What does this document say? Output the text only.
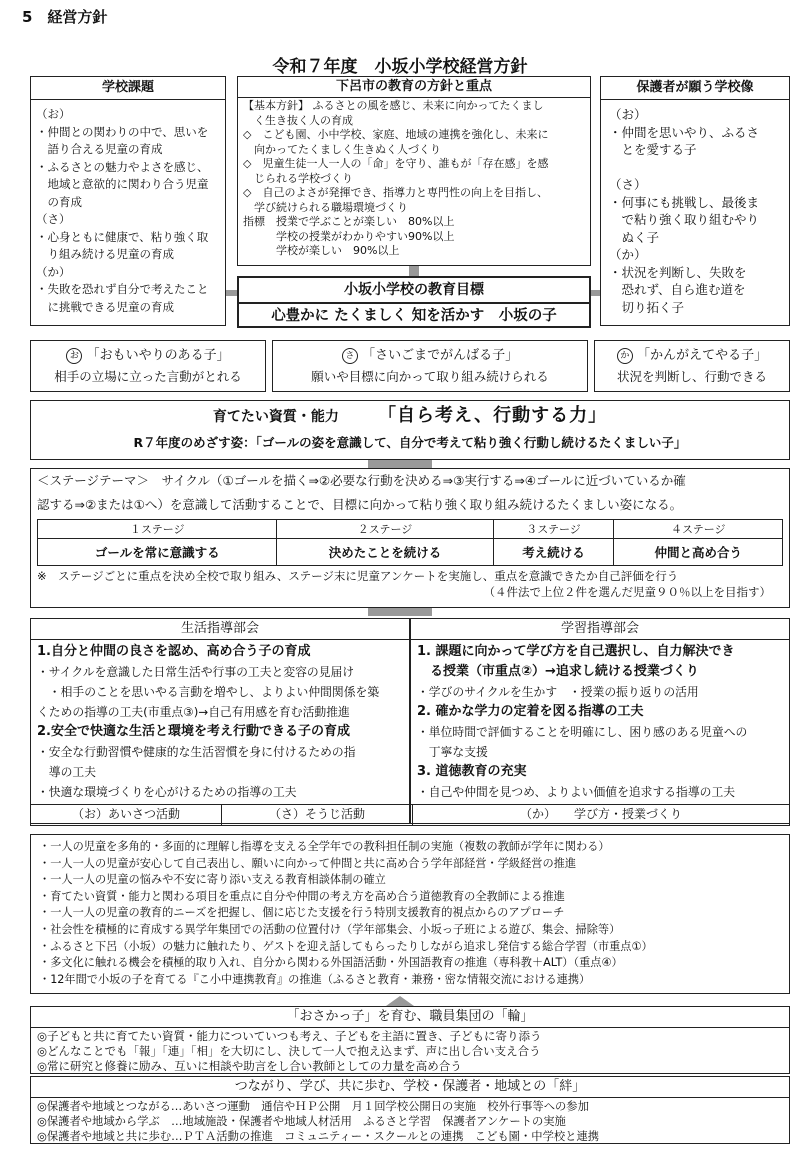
5　経営方針
令和７年度　小坂小学校経営方針
学校課題
（お）
・仲間との関わりの中で、思いを
　語り合える児童の育成
・ふるさとの魅力やよさを感じ、
　地域と意欲的に関わり合う児童
　の育成
（さ）
・心身ともに健康で、粘り強く取
　り組み続ける児童の育成
（か）
・失敗を恐れず自分で考えたこと
　に挑戦できる児童の育成
下呂市の教育の方針と重点
【基本方針】 ふるさとの風を感じ、未来に向かってたくまし
　く生き抜く人の育成
◇　こども園、小中学校、家庭、地域の連携を強化し、未来に
　向かってたくましく生きぬく人づくり
◇　児童生徒一人一人の「命」を守り、誰もが「存在感」を感
　じられる学校づくり
◇　自己のよさが発揮でき、指導力と専門性の向上を目指し、
　学び続けられる職場環境づくり
指標　授業で学ぶことが楽しい　80%以上
　　　学校の授業がわかりやすい90%以上
　　　学校が楽しい　90%以上
保護者が願う学校像
（お）
・仲間を思いやり、ふるさ
　とを愛する子

（さ）
・何事にも挑戦し、最後ま
　で粘り強く取り組むやり
　ぬく子
（か）
・状況を判断し、失敗を
　恐れず、自ら進む道を
　切り拓く子
小坂小学校の教育目標
心豊かに たくましく 知を活かす　小坂の子
お 「おもいやりのある子」
相手の立場に立った言動がとれる
さ 「さいごまでがんばる子」
願いや目標に向かって取り組み続けられる
か 「かんがえてやる子」
状況を判断し、行動できる
育てたい資質・能力 「自ら考え、行動する力」
R７年度のめざす姿：「ゴールの姿を意識して、自分で考えて粘り強く行動し続けるたくましい子」
＜ステージテーマ＞　サイクル（①ゴールを描く⇒②必要な行動を決める⇒③実行する⇒④ゴールに近づいているか確
認する⇒②または①へ）を意識して活動することで、目標に向かって粘り強く取り組み続けるたくましい姿になる。
１ステージ	２ステージ	３ステージ	４ステージ
ゴールを常に意識する	決めたことを続ける	考え続ける	仲間と高め合う
※　ステージごとに重点を決め全校で取り組み、ステージ末に児童アンケートを実施し、重点を意識できたか自己評価を行う
（４件法で上位２件を選んだ児童９０％以上を目指す）
生活指導部会
1.自分と仲間の良さを認め、高め合う子の育成
・サイクルを意識した日常生活や行事の工夫と変容の見届け
　・相手のことを思いやる言動を増やし、よりよい仲間関係を築
くための指導の工夫(市重点③)→自己有用感を育む活動推進
2.安全で快適な生活と環境を考え行動できる子の育成
・安全な行動習慣や健康的な生活習慣を身に付けるための指
　導の工夫
・快適な環境づくりを心がけるための指導の工夫
学習指導部会
1. 課題に向かって学び方を自己選択し、自力解決でき
　る授業（市重点②）→追求し続ける授業づくり
・学びのサイクルを生かす　・授業の振り返りの活用
2. 確かな学力の定着を図る指導の工夫
・単位時間で評価することを明確にし、困り感のある児童への
　丁寧な支援
3. 道徳教育の充実
・自己や仲間を見つめ、よりよい価値を追求する指導の工夫
（お）あいさつ活動	（さ）そうじ活動	（か）　　学び方・授業づくり
・一人の児童を多角的・多面的に理解し指導を支える全学年での教科担任制の実施（複数の教師が学年に関わる）
・一人一人の児童が安心して自己表出し、願いに向かって仲間と共に高め合う学年部経営・学級経営の推進
・一人一人の児童の悩みや不安に寄り添い支える教育相談体制の確立
・育てたい資質・能力と関わる項目を重点に自分や仲間の考え方を高め合う道徳教育の全教師による推進
・一人一人の児童の教育的ニーズを把握し、個に応じた支援を行う特別支援教育的視点からのアプローチ
・社会性を積極的に育成する異学年集団での活動の位置付け（学年部集会、小坂っ子班による遊び、集会、掃除等）
・ふるさと下呂（小坂）の魅力に触れたり、ゲストを迎え話してもらったりしながら追求し発信する総合学習（市重点①）
・多文化に触れる機会を積極的取り入れ、自分から関わる外国語活動・外国語教育の推進（専科教＋ALT）（重点④）
・12年間で小坂の子を育てる『こ小中連携教育』の推進（ふるさと教育・兼務・密な情報交流における連携）
「おさかっ子」を育む、職員集団の「輪」
◎子どもと共に育てたい資質・能力についていつも考え、子どもを主語に置き、子どもに寄り添う
◎どんなことでも「報」「連」「相」を大切にし、決して一人で抱え込まず、声に出し合い支え合う
◎常に研究と修養に励み、互いに相談や助言をし合い教師としての力量を高め合う
つながり、学び、共に歩む、学校・保護者・地域との「絆」
◎保護者や地域とつながる…あいさつ運動　通信やＨＰ公開　月１回学校公開日の実施　校外行事等への参加
◎保護者や地域から学ぶ　…地域施設・保護者や地域人材活用　ふるさと学習　保護者アンケートの実施
◎保護者や地域と共に歩む…ＰＴＡ活動の推進　コミュニティー・スクールとの連携　こども園・中学校と連携
